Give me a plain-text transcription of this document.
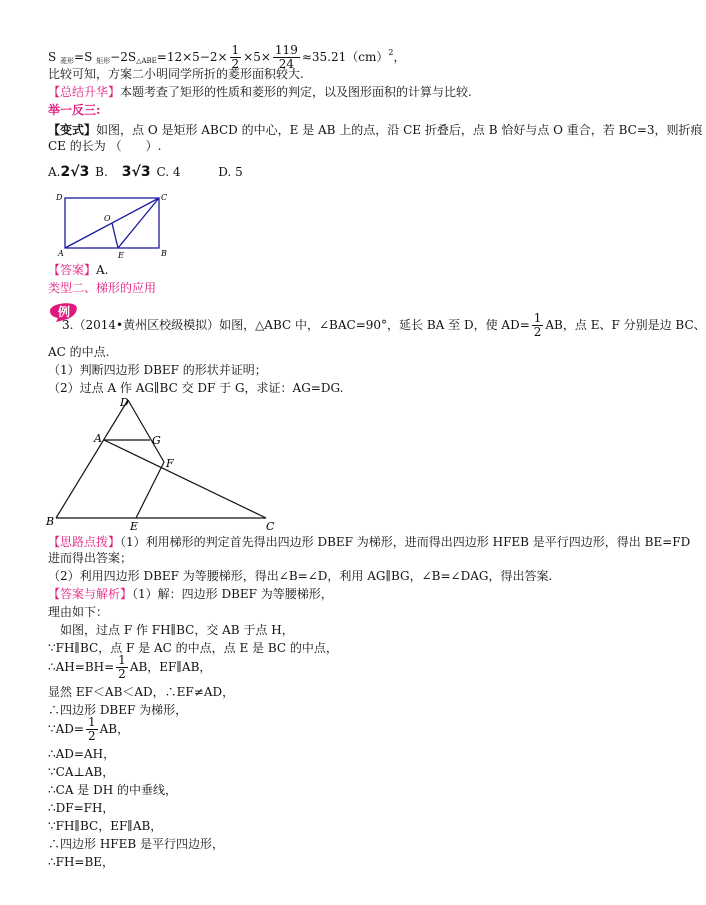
S $_{菱形}$=S $_{矩形}-2S_{\triangle ABE}=12\times 5-2\times \frac{1}{2} \times 5\times \frac{119}{24} \approx 35.21(cm)^2$，
比较可知，方案二小明同学所折的菱形面积较大.
【总结升华】本题考查了矩形的性质和菱形的判定，以及图形面积的计算与比较.
举一反三:
【变式】如图，点 O 是矩形 ABCD 的中心，E 是 AB 上的点，沿 CE 折叠后，点 B 恰好与点 O 重合，若 BC=3，则折痕
CE 的长为 （　　）.
A.2√3 B. 3√3 C. 4	D. 5
D	C
O
A	E	B
【答案】A.
类型二、梯形的应用
例
3.（2014•黄州区校级模拟）如图，△ABC 中，∠BAC=90°，延长 BA 至 D，使 $AD= \frac{1}{2}$ AB，点 E、F 分别是边 BC、
AC 的中点.
（1）判断四边形 DBEF 的形状并证明；
（2）过点 A 作 AG∥BC 交 DF 于 G，求证：AG=DG.
D
A	G
F
B	E	C
【思路点拨】（1）利用梯形的判定首先得出四边形 DBEF 为梯形，进而得出四边形 HFEB 是平行四边形，得出 BE=FD
进而得出答案；
（2）利用四边形 DBEF 为等腰梯形，得出∠B=∠D，利用 AG∥BG，∠B=∠DAG，得出答案.
【答案与解析】（1）解：四边形 DBEF 为等腰梯形，
理由如下：
　如图，过点 F 作 FH∥BC，交 AB 于点 H，
∵FH∥BC，点 F 是 AC 的中点，点 E 是 BC 的中点，
∴AH=BH= $\frac{1}{2}$ AB，EF∥AB，
显然 EF＜AB＜AD，∴EF≠AD，
∴四边形 DBEF 为梯形，
∵AD= $\frac{1}{2}$ AB，
∴AD=AH，
∵CA⊥AB，
∴CA 是 DH 的中垂线，
∴DF=FH，
∵FH∥BC，EF∥AB，
∴四边形 HFEB 是平行四边形，
∴FH=BE，
